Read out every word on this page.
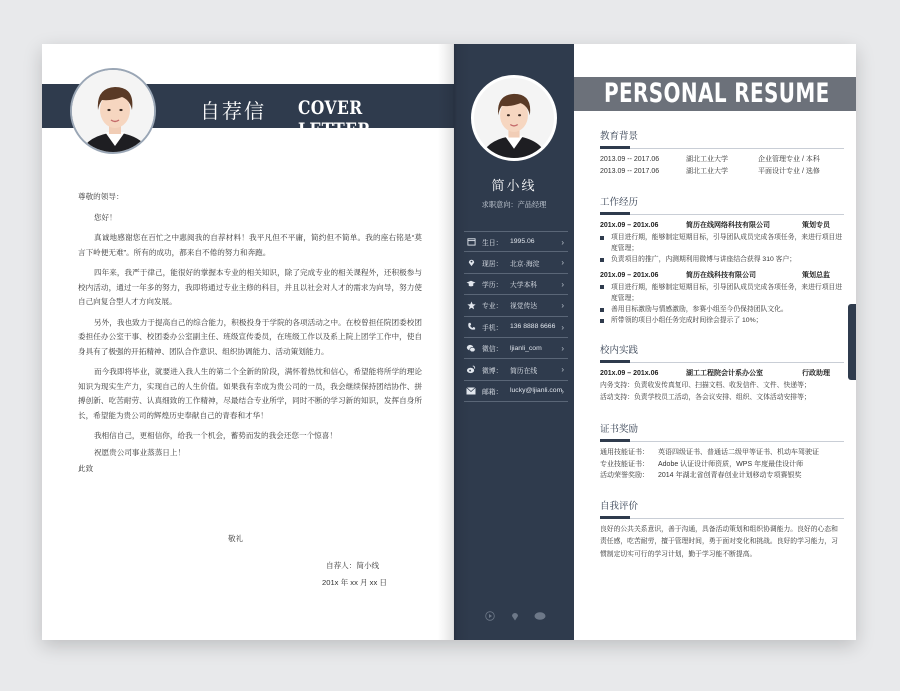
自荐信 COVER LETTER

尊敬的领导：

您好！

真诚地感谢您在百忙之中惠阅我的自荐材料！我平凡但不平庸，简约但不简单。我的座右铭是“莫言下岭便无难”。所有的成功，都来自不倦的努力和奔跑。

四年来，我严于律己，能很好的掌握本专业的相关知识，除了完成专业的相关课程外，还积极参与校内活动，通过一年多的努力，我即将通过专业主修的科目，并且以社会对人才的需求为向导，努力使自己向复合型人才方向发展。

另外，我也致力于提高自己的综合能力，积极投身于学院的各项活动之中。在校曾担任院团委校团委担任办公室干事、校团委办公室副主任、班级宣传委员，在班级工作以及系上院上团学工作中，使自身具有了极强的开拓精神、团队合作意识、组织协调能力、活动策划能力。

而今我即将毕业，就要进入我人生的第二个全新的阶段，满怀着热忱和信心，希望能将所学的理论知识为现实生产力，实现自己的人生价值。如果我有幸成为贵公司的一员，我会继续保持团结协作、拼搏创新、吃苦耐劳、认真细致的工作精神，尽最结合专业所学，同时不断的学习新的知识，发挥自身所长，希望能为贵公司的辉煌历史奉献自己的青春和才华！

我相信自己，更相信你，给我一个机会，蓄势而发的我会还您一个惊喜！

祝愿贵公司事业蒸蒸日上！

此致

敬礼
自荐人：简小线
201x 年 xx 月 xx 日
简小线
求职意向：产品经理
生日：	1995.06	›
现居：	北京·海淀	›
学历：	大学本科	›
专业：	视觉传达	›
手机：	136 8888 6666 ›
微信：	ljianli_com ›
微博：	简历在线	›
邮箱：	lucky@ljianli.com ›
PERSONAL RESUME
教育背景
2013.09 -- 2017.06	湖北工业大学	企业管理专业 / 本科
2013.09 -- 2017.06	湖北工业大学	平面设计专业 / 选修
工作经历
201x.09 – 201x.06	简历在线网络科技有限公司	策划专员
项目进行期，能够制定短期目标，引导团队成员完成各项任务，来进行项目进度管理；
负责项目的推广，内测期利用微博与讲座结合获得 310 客户；
201x.09 – 201x.06	简历在线科技有限公司	策划总监
项目进行期，能够制定短期目标，引导团队成员完成各项任务，来进行项目进度管理；
善用目标激励与情感激励，参赛小组至今仍保持团队文化。
所带领的项目小组任务完成时间徐会提示了 10%；
校内实践
201x.09 – 201x.06	湖工工程院会计系办公室	行政助理
内务支持：负责收发传真复印、扫描文档、收发信件、文件、快递等；
活动支持：负责学校员工活动，各会议安排、组织、文体活动安排等；
证书奖励
通用技能证书：	英语四级证书、普通话二级甲等证书、机动车驾驶证
专业技能证书：	Adobe 认证设计师资质，WPS 年度最佳设计师
活动荣誉奖励：	2014 年湖北省创青春创业计划移动专项赛银奖
自我评价
良好的公共关系意识，善于沟通，具备活动策划和组织协调能力。良好的心态和责任感，吃苦耐劳，擅于管理时间，勇于面对变化和挑战。良好的学习能力，习惯制定切实可行的学习计划，勤于学习能不断提高。
